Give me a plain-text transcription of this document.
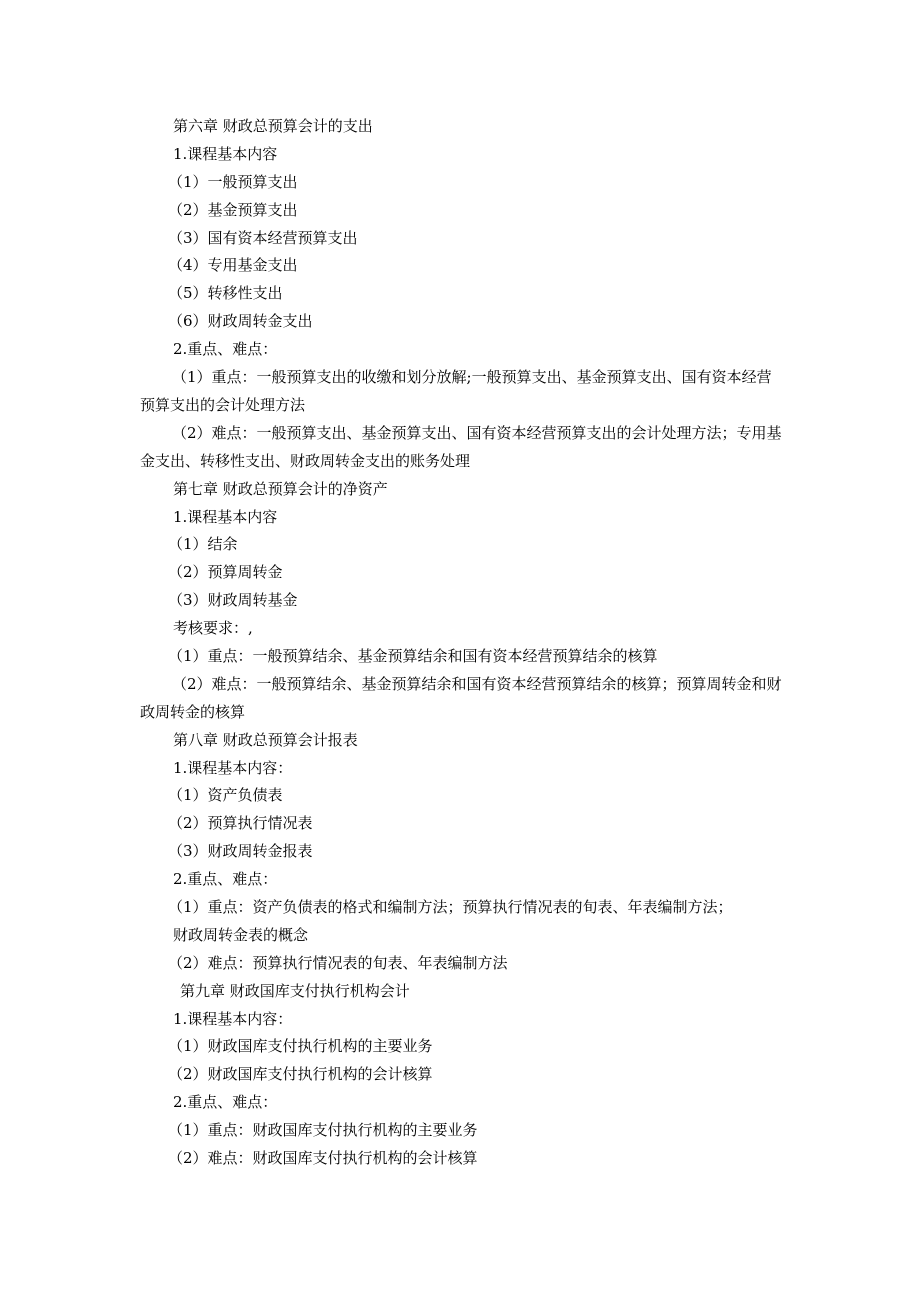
第六章 财政总预算会计的支出

1.课程基本内容

（1）一般预算支出

（2）基金预算支出

（3）国有资本经营预算支出

（4）专用基金支出

（5）转移性支出

（6）财政周转金支出

2.重点、难点：

（1）重点：一般预算支出的收缴和划分放解;一般预算支出、基金预算支出、国有资本经营预算支出的会计处理方法

（2）难点：一般预算支出、基金预算支出、国有资本经营预算支出的会计处理方法；专用基金支出、转移性支出、财政周转金支出的账务处理

第七章 财政总预算会计的净资产

1.课程基本内容

（1）结余

（2）预算周转金

（3）财政周转基金

考核要求：,

（1）重点：一般预算结余、基金预算结余和国有资本经营预算结余的核算

（2）难点：一般预算结余、基金预算结余和国有资本经营预算结余的核算；预算周转金和财政周转金的核算

第八章 财政总预算会计报表

1.课程基本内容：

（1）资产负债表

（2）预算执行情况表

（3）财政周转金报表

2.重点、难点：

（1）重点：资产负债表的格式和编制方法；预算执行情况表的旬表、年表编制方法；

财政周转金表的概念

（2）难点：预算执行情况表的旬表、年表编制方法

第九章 财政国库支付执行机构会计

1.课程基本内容：

（1）财政国库支付执行机构的主要业务

（2）财政国库支付执行机构的会计核算

2.重点、难点：

（1）重点：财政国库支付执行机构的主要业务

（2）难点：财政国库支付执行机构的会计核算
